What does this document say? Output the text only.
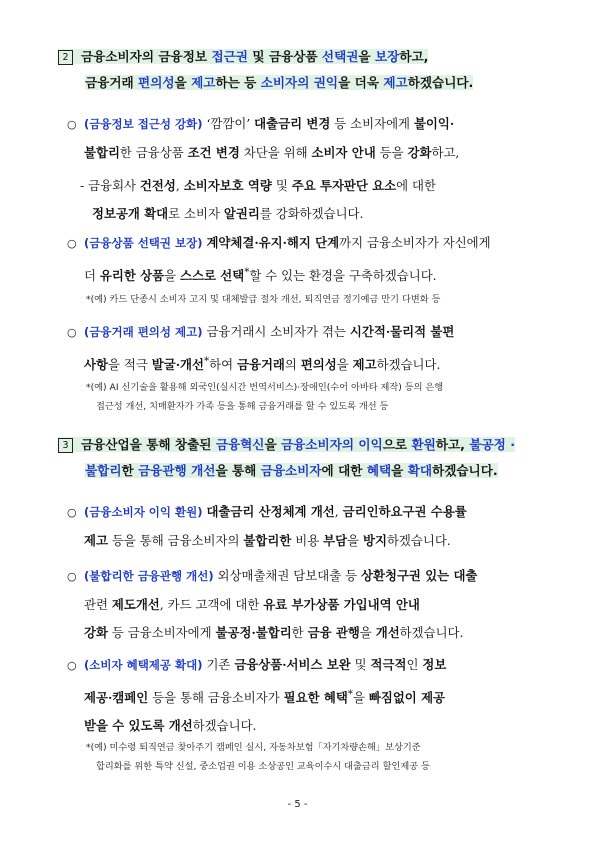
2 금융소비자의 금융정보 접근권 및 금융상품 선택권을 보장하고,
금융거래 편의성을 제고하는 등 소비자의 권익을 더욱 제고하겠습니다.
○ (금융정보 접근성 강화) ‘깜깜이’ 대출금리 변경 등 소비자에게 불이익·
불합리한 금융상품 조건 변경 차단을 위해 소비자 안내 등을 강화하고,
- 금융회사 건전성, 소비자보호 역량 및 주요 투자판단 요소에 대한
정보공개 확대로 소비자 알권리를 강화하겠습니다.
○ (금융상품 선택권 보장) 계약체결·유지·해지 단계까지 금융소비자가 자신에게
더 유리한 상품을 스스로 선택*할 수 있는 환경을 구축하겠습니다.
*(예) 카드 단종시 소비자 고지 및 대체발급 절차 개선, 퇴직연금 정기예금 만기 다변화 등
○ (금융거래 편의성 제고) 금융거래시 소비자가 겪는 시간적·물리적 불편
사항을 적극 발굴·개선*하여 금융거래의 편의성을 제고하겠습니다.
*(예) AI 신기술을 활용해 외국인(실시간 번역서비스)·장애인(수어 아바타 제작) 등의 은행
접근성 개선, 치매환자가 가족 등을 통해 금융거래를 할 수 있도록 개선 등
3 금융산업을 통해 창출된 금융혁신을 금융소비자의 이익으로 환원하고, 불공정 ·
불합리한 금융관행 개선을 통해 금융소비자에 대한 혜택을 확대하겠습니다.
○ (금융소비자 이익 환원) 대출금리 산정체계 개선, 금리인하요구권 수용률
제고 등을 통해 금융소비자의 불합리한 비용 부담을 방지하겠습니다.
○ (불합리한 금융관행 개선) 외상매출채권 담보대출 등 상환청구권 있는 대출
관련 제도개선, 카드 고객에 대한 유료 부가상품 가입내역 안내
강화 등 금융소비자에게 불공정·불합리한 금융 관행을 개선하겠습니다.
○ (소비자 혜택제공 확대) 기존 금융상품·서비스 보완 및 적극적인 정보
제공·캠페인 등을 통해 금융소비자가 필요한 혜택*을 빠짐없이 제공
받을 수 있도록 개선하겠습니다.
*(예) 미수령 퇴직연금 찾아주기 캠페인 실시, 자동차보험「자기차량손해」보상기준
합리화를 위한 특약 신설, 중소업권 이용 소상공인 교육이수시 대출금리 할인제공 등
- 5 -
